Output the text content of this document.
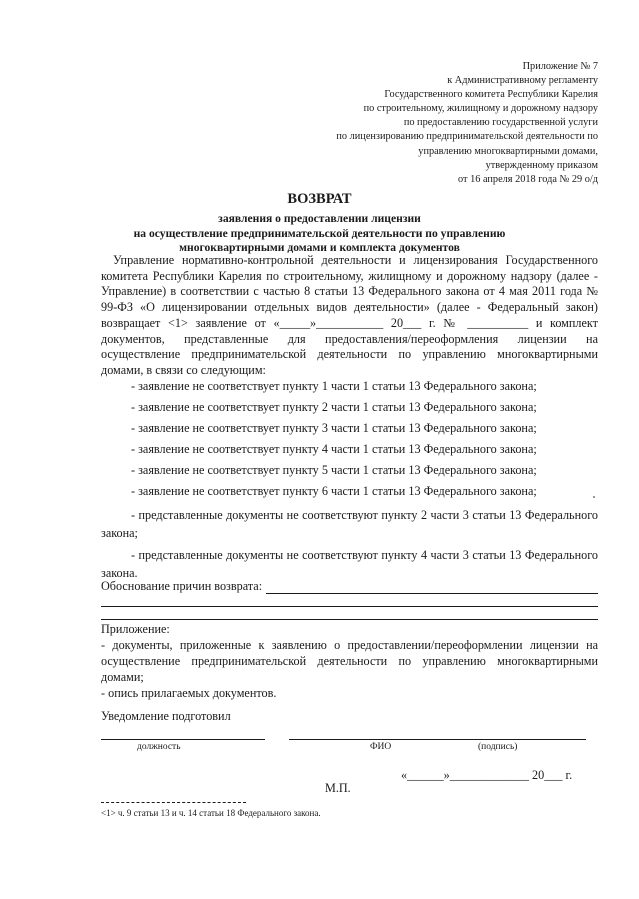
Приложение № 7
к Административному регламенту
Государственного комитета Республики Карелия
по строительному, жилищному и дорожному надзору
по предоставлению государственной услуги
по лицензированию предпринимательской деятельности по
управлению многоквартирными домами,
утвержденному приказом
от 16 апреля 2018 года № 29 о/д
ВОЗВРАТ
заявления о предоставлении лицензии
на осуществление предпринимательской деятельности по управлению
многоквартирными домами и комплекта документов
Управление нормативно-контрольной деятельности и лицензирования Государственного комитета Республики Карелия по строительному, жилищному и дорожному надзору (далее - Управление) в соответствии с частью 8 статьи 13 Федерального закона от 4 мая 2011 года № 99-ФЗ «О лицензировании отдельных видов деятельности» (далее - Федеральный закон) возвращает <1> заявление от «_____»___________ 20___ г. № __________ и комплект документов, представленные для предоставления/переоформления лицензии на осуществление предпринимательской деятельности по управлению многоквартирными домами, в связи со следующим:
- заявление не соответствует пункту 1 части 1 статьи 13 Федерального закона;
- заявление не соответствует пункту 2 части 1 статьи 13 Федерального закона;
- заявление не соответствует пункту 3 части 1 статьи 13 Федерального закона;
- заявление не соответствует пункту 4 части 1 статьи 13 Федерального закона;
- заявление не соответствует пункту 5 части 1 статьи 13 Федерального закона;
- заявление не соответствует пункту 6 части 1 статьи 13 Федерального закона;
- представленные документы не соответствуют пункту 2 части 3 статьи 13 Федерального закона;
- представленные документы не соответствуют пункту 4 части 3 статьи 13 Федерального закона.
Обоснование причин возврата:
Приложение:
- документы, приложенные к заявлению о предоставлении/переоформлении лицензии на осуществление предпринимательской деятельности по управлению многоквартирными домами;
- опись прилагаемых документов.
Уведомление подготовил
должность	ФИО	(подпись)
«______»_____________ 20___ г.
М.П.
<1> ч. 9 статьи 13 и ч. 14 статьи 18 Федерального закона.
